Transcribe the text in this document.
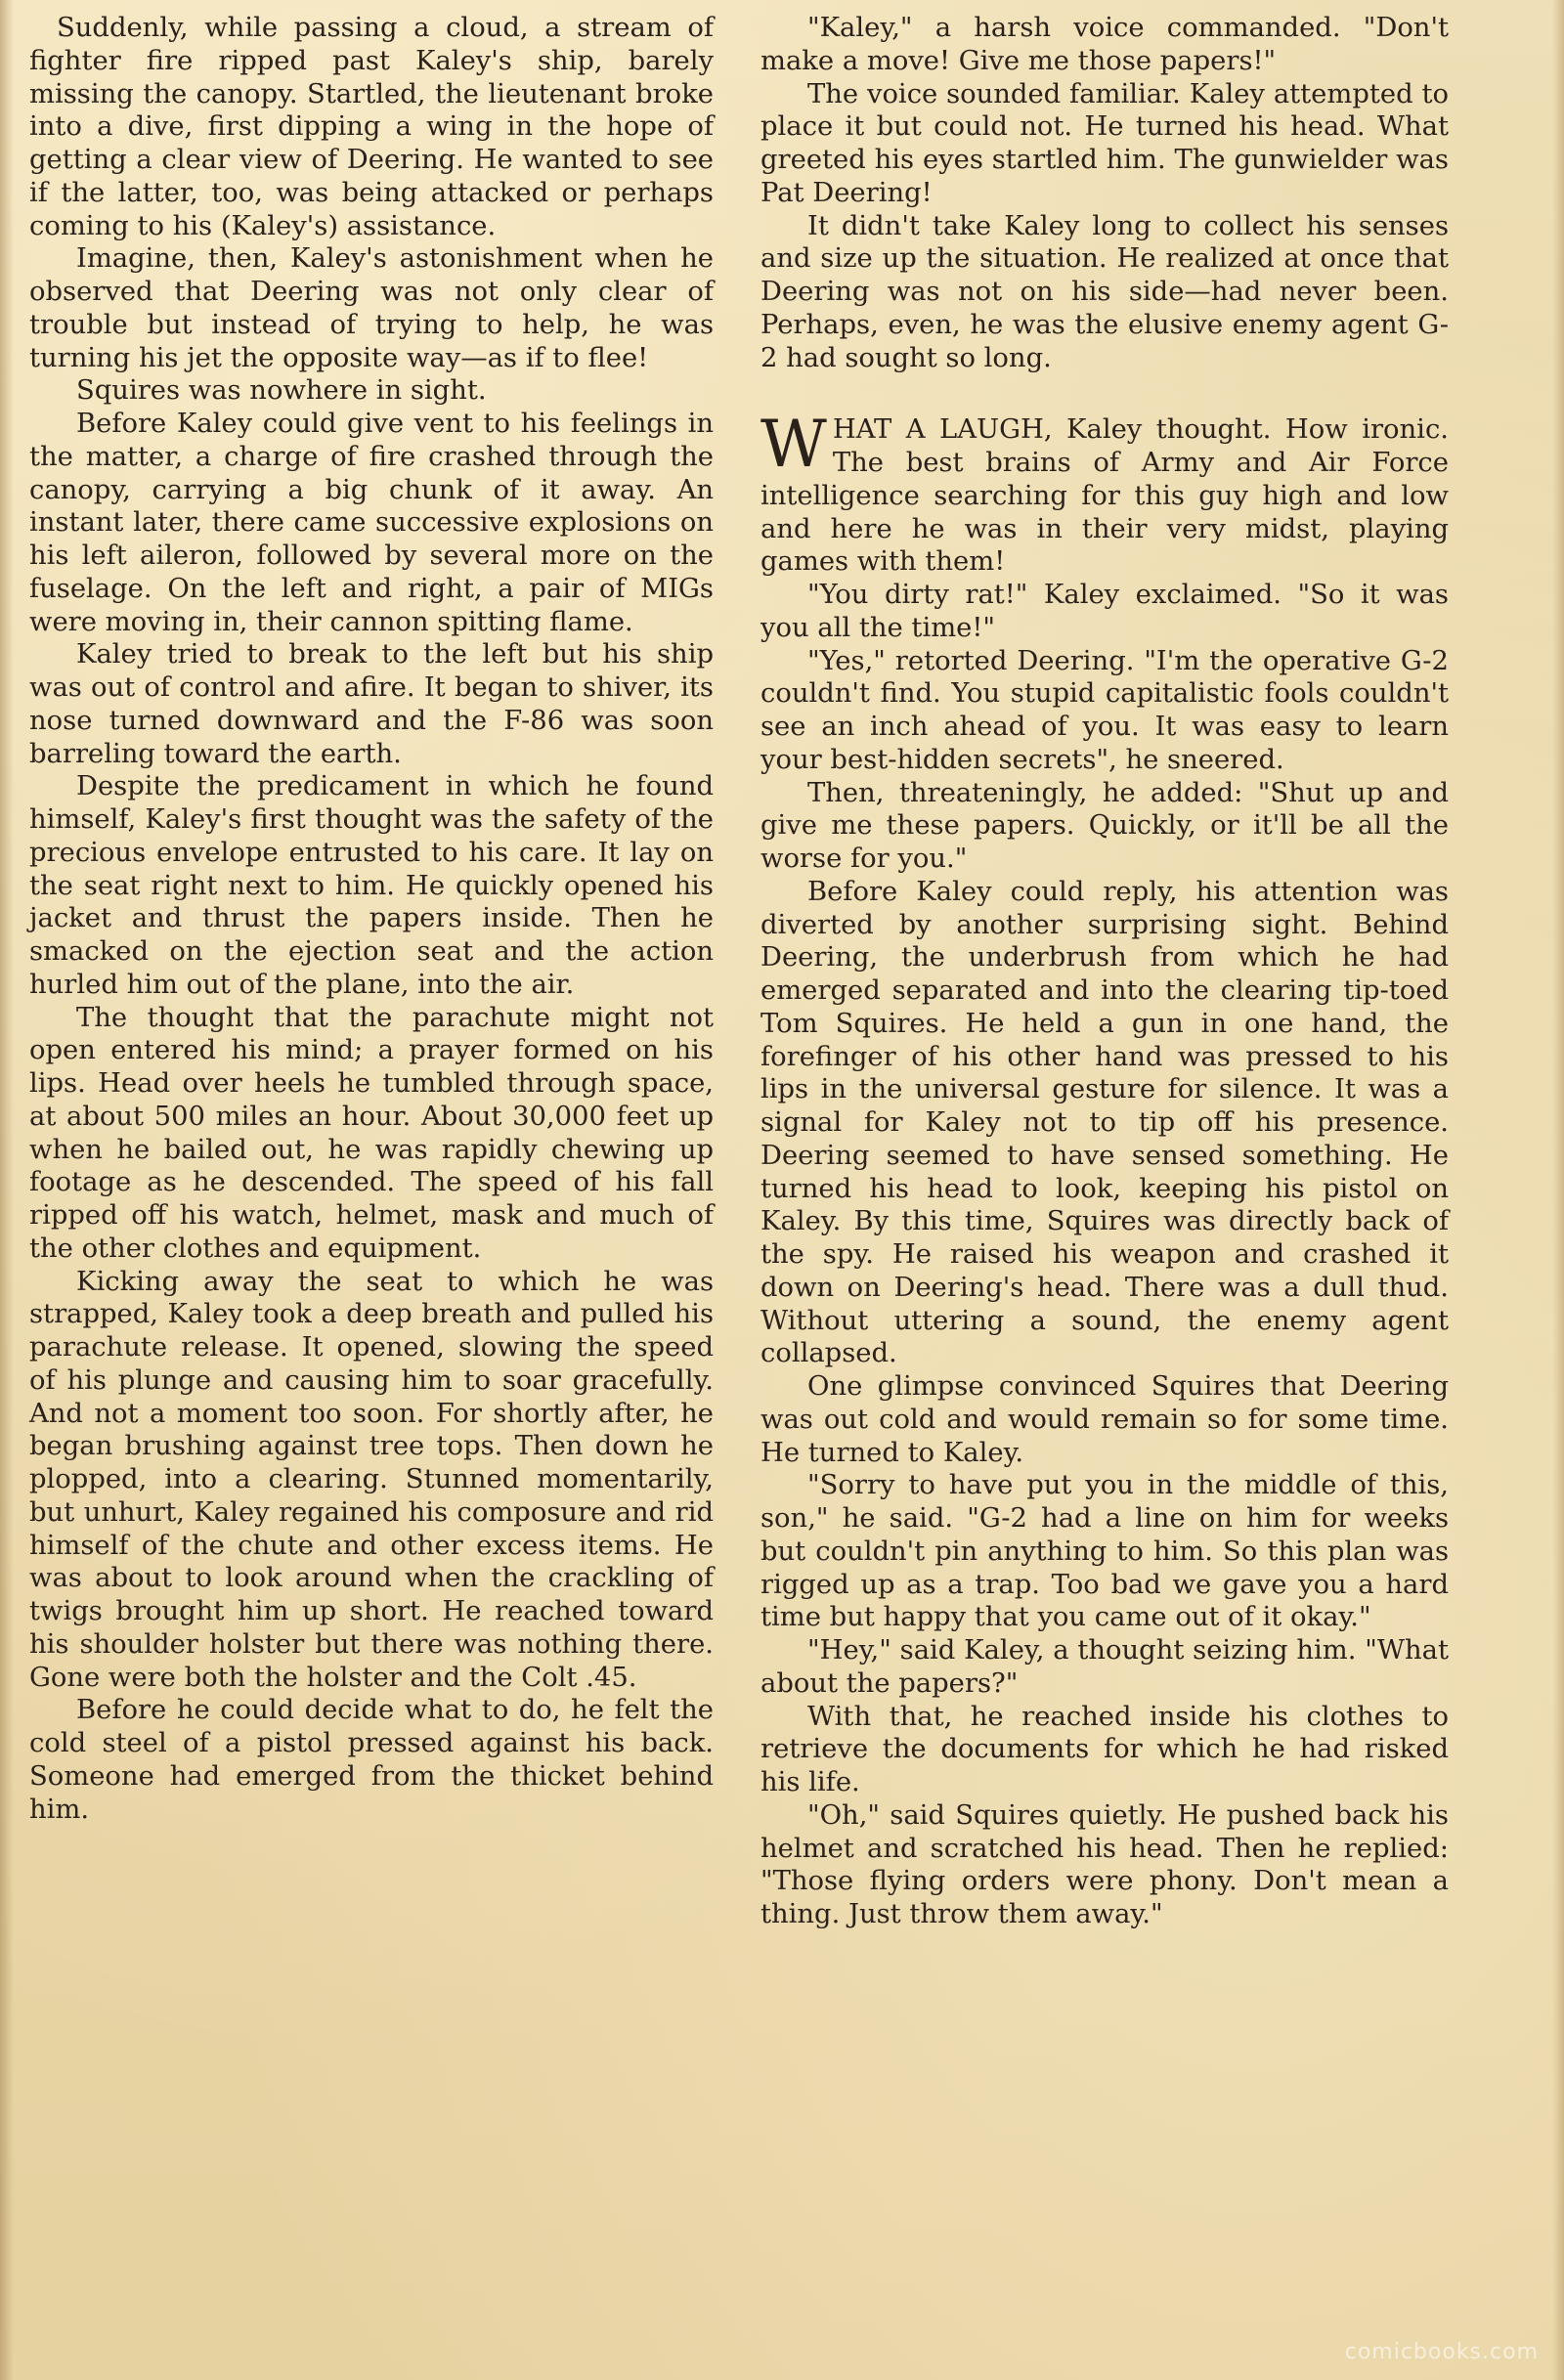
Suddenly, while passing a cloud, a stream of fighter fire ripped past Kaley's ship, barely missing the canopy. Startled, the lieutenant broke into a dive, first dipping a wing in the hope of getting a clear view of Deering. He wanted to see if the latter, too, was being attacked or perhaps coming to his (Kaley's) assistance.

Imagine, then, Kaley's astonishment when he observed that Deering was not only clear of trouble but instead of trying to help, he was turning his jet the opposite way—as if to flee!

Squires was nowhere in sight.

Before Kaley could give vent to his feelings in the matter, a charge of fire crashed through the canopy, carrying a big chunk of it away. An instant later, there came successive explosions on his left aileron, followed by several more on the fuselage. On the left and right, a pair of MIGs were moving in, their cannon spitting flame.

Kaley tried to break to the left but his ship was out of control and afire. It began to shiver, its nose turned downward and the F-86 was soon barreling toward the earth.

Despite the predicament in which he found himself, Kaley's first thought was the safety of the precious envelope entrusted to his care. It lay on the seat right next to him. He quickly opened his jacket and thrust the papers inside. Then he smacked on the ejection seat and the action hurled him out of the plane, into the air.

The thought that the parachute might not open entered his mind; a prayer formed on his lips. Head over heels he tumbled through space, at about 500 miles an hour. About 30,000 feet up when he bailed out, he was rapidly chewing up footage as he descended. The speed of his fall ripped off his watch, helmet, mask and much of the other clothes and equipment.

Kicking away the seat to which he was strapped, Kaley took a deep breath and pulled his parachute release. It opened, slowing the speed of his plunge and causing him to soar gracefully. And not a moment too soon. For shortly after, he began brushing against tree tops. Then down he plopped, into a clearing. Stunned momentarily, but unhurt, Kaley regained his composure and rid himself of the chute and other excess items. He was about to look around when the crackling of twigs brought him up short. He reached toward his shoulder holster but there was nothing there. Gone were both the holster and the Colt .45.

Before he could decide what to do, he felt the cold steel of a pistol pressed against his back. Someone had emerged from the thicket behind him.

"Kaley," a harsh voice commanded. "Don't make a move! Give me those papers!"

The voice sounded familiar. Kaley attempted to place it but could not. He turned his head. What greeted his eyes startled him. The gunwielder was Pat Deering!

It didn't take Kaley long to collect his senses and size up the situation. He realized at once that Deering was not on his side—had never been. Perhaps, even, he was the elusive enemy agent G-2 had sought so long.

WHAT A LAUGH, Kaley thought. How ironic. The best brains of Army and Air Force intelligence searching for this guy high and low and here he was in their very midst, playing games with them!

"You dirty rat!" Kaley exclaimed. "So it was you all the time!"

"Yes," retorted Deering. "I'm the operative G-2 couldn't find. You stupid capitalistic fools couldn't see an inch ahead of you. It was easy to learn your best-hidden secrets", he sneered.

Then, threateningly, he added: "Shut up and give me these papers. Quickly, or it'll be all the worse for you."

Before Kaley could reply, his attention was diverted by another surprising sight. Behind Deering, the underbrush from which he had emerged separated and into the clearing tip-toed Tom Squires. He held a gun in one hand, the forefinger of his other hand was pressed to his lips in the universal gesture for silence. It was a signal for Kaley not to tip off his presence. Deering seemed to have sensed something. He turned his head to look, keeping his pistol on Kaley. By this time, Squires was directly back of the spy. He raised his weapon and crashed it down on Deering's head. There was a dull thud. Without uttering a sound, the enemy agent collapsed.

One glimpse convinced Squires that Deering was out cold and would remain so for some time. He turned to Kaley.

"Sorry to have put you in the middle of this, son," he said. "G-2 had a line on him for weeks but couldn't pin anything to him. So this plan was rigged up as a trap. Too bad we gave you a hard time but happy that you came out of it okay."

"Hey," said Kaley, a thought seizing him. "What about the papers?"

With that, he reached inside his clothes to retrieve the documents for which he had risked his life.

"Oh," said Squires quietly. He pushed back his helmet and scratched his head. Then he replied: "Those flying orders were phony. Don't mean a thing. Just throw them away."

comicbooks.com
